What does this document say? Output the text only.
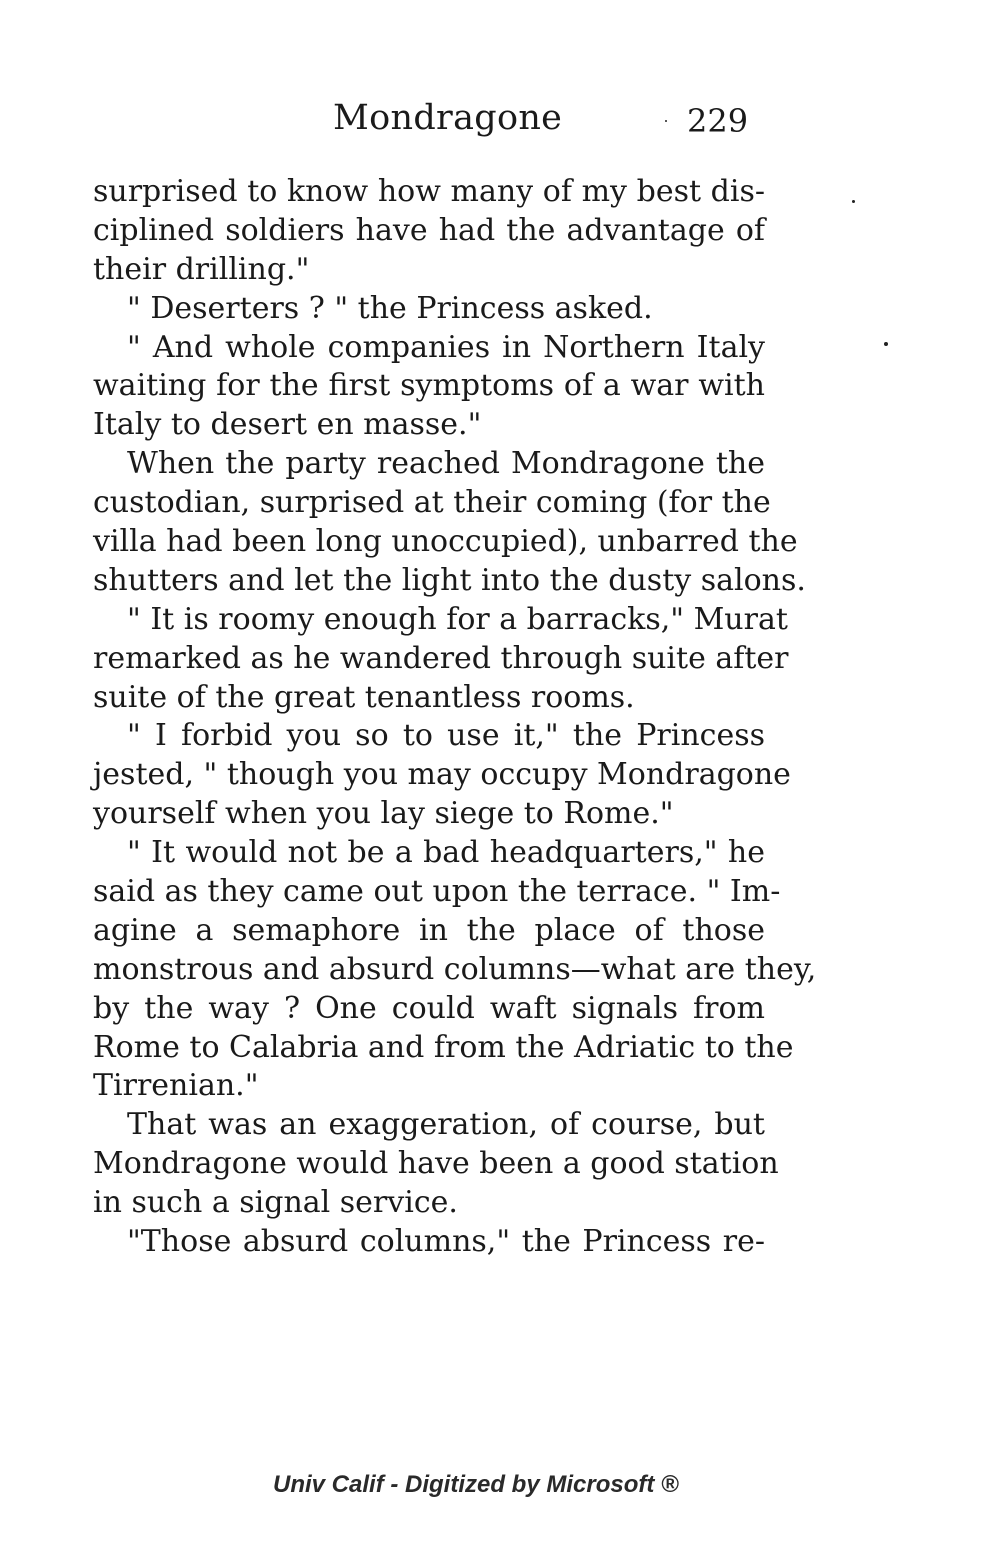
Mondragone	229
surprised to know how many of my best dis-
ciplined soldiers have had the advantage of
their drilling."
" Deserters ? " the Princess asked.
" And whole companies in Northern Italy
waiting for the first symptoms of a war with
Italy to desert en masse."
When the party reached Mondragone the
custodian, surprised at their coming (for the
villa had been long unoccupied), unbarred the
shutters and let the light into the dusty salons.
" It is roomy enough for a barracks," Murat
remarked as he wandered through suite after
suite of the great tenantless rooms.
" I forbid you so to use it," the Princess
jested, " though you may occupy Mondragone
yourself when you lay siege to Rome."
" It would not be a bad headquarters," he
said as they came out upon the terrace. " Im-
agine a semaphore in the place of those
monstrous and absurd columns—what are they,
by the way ? One could waft signals from
Rome to Calabria and from the Adriatic to the
Tirrenian."
That was an exaggeration, of course, but
Mondragone would have been a good station
in such a signal service.
"Those absurd columns," the Princess re-
Univ Calif - Digitized by Microsoft ®
